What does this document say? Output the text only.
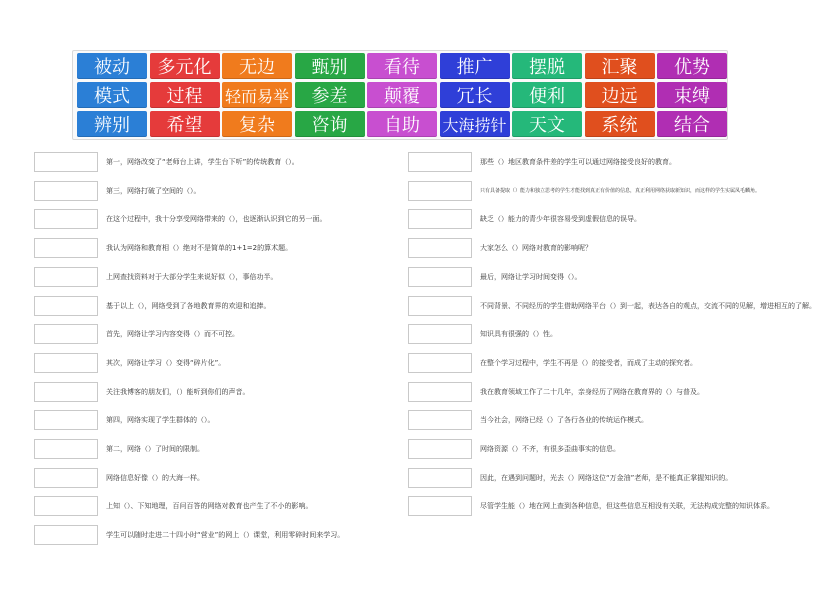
被动	多元化	无边	甄别	看待	推广	摆脱	汇聚	优势
模式	过程	轻而易举	参差	颠覆	冗长	便利	边远	束缚
辨别	希望	复杂	咨询	自助	大海捞针	天文	系统	结合
第一，网络改变了“老师台上讲，学生台下听”的传统教育（）。
第三，网络打破了空间的（）。
在这个过程中，我十分享受网络带来的（），也逐渐认识到它的另一面。
我认为网络和教育相（）绝对不是简单的1+1=2的算术题。
上网查找资料对于大部分学生来说好似（），事倍功半。
基于以上（），网络受到了各地教育界的欢迎和追捧。
首先，网络让学习内容变得（）而不可控。
其次，网络让学习（）变得“碎片化”。
关注我博客的朋友们，（）能听到你们的声音。
第四，网络实现了学生群体的（）。
第二，网络（）了时间的限制。
网络信息好像（）的大海一样。
上知（）、下知地理，百问百答的网络对教育也产生了不小的影响。
学生可以随时走进二十四小时“营业”的网上（）课堂，利用零碎时间来学习。
那些（）地区教育条件差的学生可以通过网络接受良好的教育。
只有具备提取（）能力和独立思考的学生才能找到真正有价值的信息，真正利用网络获取新知识，而这样的学生实属凤毛麟角。
缺乏（）能力的青少年很容易受到虚假信息的误导。
大家怎么（）网络对教育的影响呢？
最后，网络让学习时间变得（）。
不同背景、不同经历的学生借助网络平台（）到一起，表达各自的观点，交流不同的见解，增进相互的了解。
知识具有很强的（）性。
在整个学习过程中，学生不再是（）的接受者，而成了主动的探究者。
我在教育领域工作了二十几年，亲身经历了网络在教育界的（）与普及。
当今社会，网络已经（）了各行各业的传统运作模式。
网络资源（）不齐，有很多歪曲事实的信息。
因此，在遇到问题时，光去（）网络这位“万金油”老师，是不能真正掌握知识的。
尽管学生能（）地在网上查到各种信息，但这些信息互相没有关联，无法构成完整的知识体系。
